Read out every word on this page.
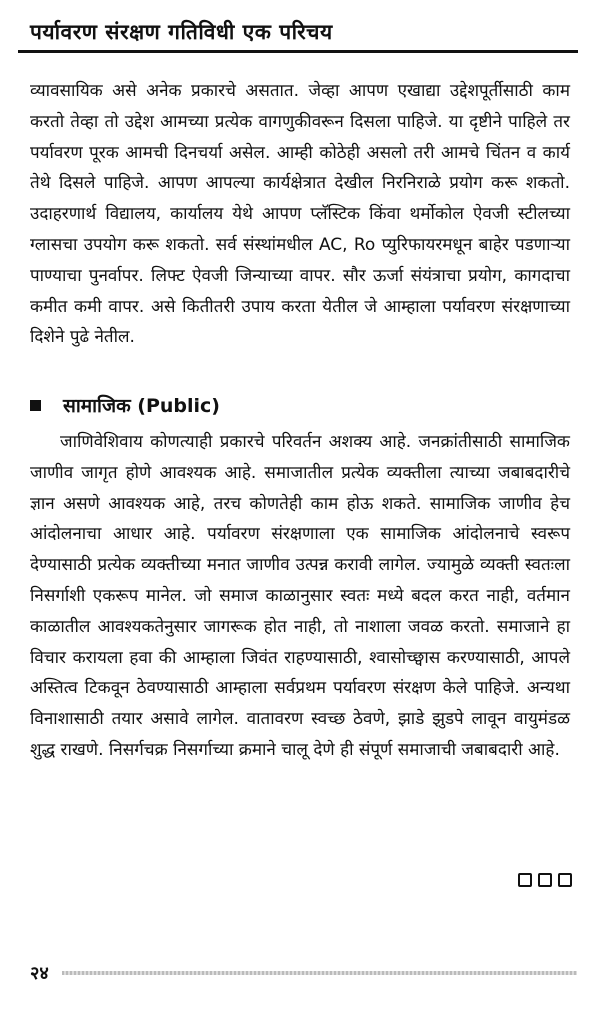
पर्यावरण संरक्षण गतिविधी एक परिचय
व्यावसायिक असे अनेक प्रकारचे असतात. जेव्हा आपण एखाद्या उद्देशपूर्तीसाठी काम करतो तेव्हा तो उद्देश आमच्या प्रत्येक वागणुकीवरून दिसला पाहिजे. या दृष्टीने पाहिले तर पर्यावरण पूरक आमची दिनचर्या असेल. आम्ही कोठेही असलो तरी आमचे चिंतन व कार्य तेथे दिसले पाहिजे. आपण आपल्या कार्यक्षेत्रात देखील निरनिराळे प्रयोग करू शकतो. उदाहरणार्थ विद्यालय, कार्यालय येथे आपण प्लॅस्टिक किंवा थर्मोकोल ऐवजी स्टीलच्या ग्लासचा उपयोग करू शकतो. सर्व संस्थांमधील AC, Ro प्युरिफायरमधून बाहेर पडणाऱ्या पाण्याचा पुनर्वापर. लिफ्ट ऐवजी जिन्याच्या वापर. सौर ऊर्जा संयंत्राचा प्रयोग, कागदाचा कमीत कमी वापर. असे कितीतरी उपाय करता येतील जे आम्हाला पर्यावरण संरक्षणाच्या दिशेने पुढे नेतील.
सामाजिक (Public)
जाणिवेशिवाय कोणत्याही प्रकारचे परिवर्तन अशक्य आहे. जनक्रांतीसाठी सामाजिक जाणीव जागृत होणे आवश्यक आहे. समाजातील प्रत्येक व्यक्तीला त्याच्या जबाबदारीचे ज्ञान असणे आवश्यक आहे, तरच कोणतेही काम होऊ शकते. सामाजिक जाणीव हेच आंदोलनाचा आधार आहे. पर्यावरण संरक्षणाला एक सामाजिक आंदोलनाचे स्वरूप देण्यासाठी प्रत्येक व्यक्तीच्या मनात जाणीव उत्पन्न करावी लागेल. ज्यामुळे व्यक्ती स्वतःला निसर्गाशी एकरूप मानेल. जो समाज काळानुसार स्वतः मध्ये बदल करत नाही, वर्तमान काळातील आवश्यकतेनुसार जागरूक होत नाही, तो नाशाला जवळ करतो. समाजाने हा विचार करायला हवा की आम्हाला जिवंत राहण्यासाठी, श्वासोच्छ्वास करण्यासाठी, आपले अस्तित्व टिकवून ठेवण्यासाठी आम्हाला सर्वप्रथम पर्यावरण संरक्षण केले पाहिजे. अन्यथा विनाशासाठी तयार असावे लागेल. वातावरण स्वच्छ ठेवणे, झाडे झुडपे लावून वायुमंडळ शुद्ध राखणे. निसर्गचक्र निसर्गाच्या क्रमाने चालू देणे ही संपूर्ण समाजाची जबाबदारी आहे.
२४
